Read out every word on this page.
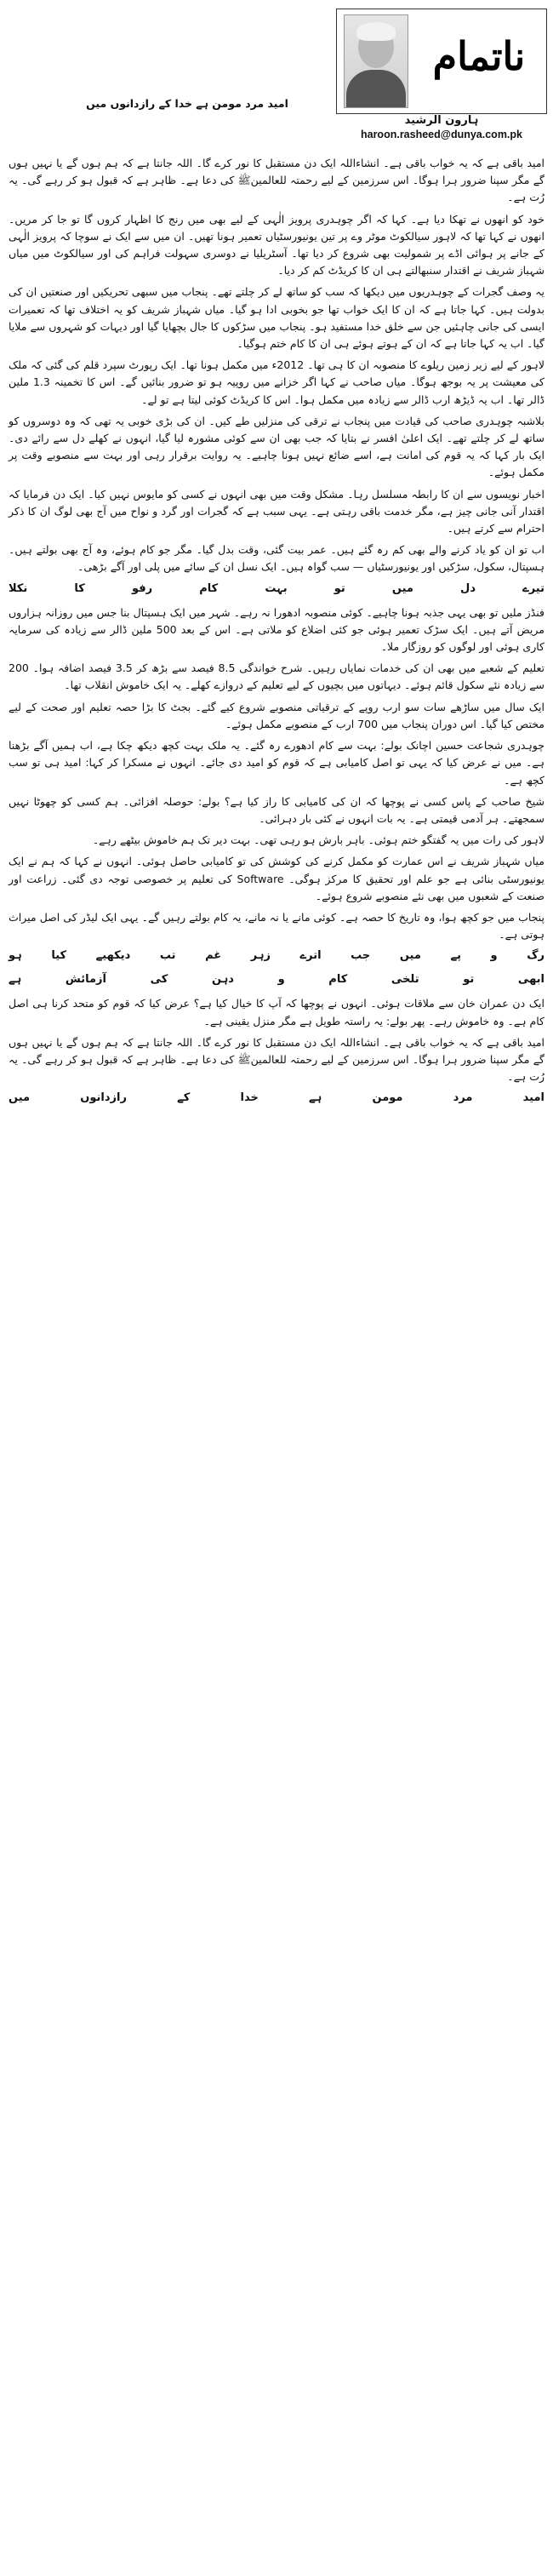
ناتمام
ہارون الرشید
haroon.rasheed@dunya.com.pk
امید مرد مومن ہے خدا کے رازدانوں میں

امید باقی ہے کہ یہ خواب باقی ہے۔ انشاءاللہ ایک دن مستقبل کا نور کرے گا۔ اللہ جانتا ہے کہ ہم ہوں گے یا نہیں ہوں گے مگر سپنا ضرور ہرا ہوگا۔ اس سرزمین کے لیے رحمتہ للعالمینﷺ کی دعا ہے۔ ظاہر ہے کہ قبول ہو کر رہے گی۔ یہ رُت ہے۔

خود کو انھوں نے تھکا دیا ہے۔ کہا کہ اگر چوہدری پرویز الٰہی کے لیے بھی میں رنج کا اظہار کروں گا تو جا کر مریں۔ انھوں نے کہا تھا کہ لاہور سیالکوٹ موٹر وے پر تین یونیورسٹیاں تعمیر ہونا تھیں۔ ان میں سے ایک نے سوچا کہ پرویز الٰہی کے جانے پر ہوائی اڈے پر شمولیت بھی شروع کر دیا تھا۔ آسٹریلیا نے دوسری سہولت فراہم کی اور سیالکوٹ میں میاں شہباز شریف نے اقتدار سنبھالتے ہی ان کا کریڈٹ کم کر دیا۔

یہ وصف گجرات کے چوہدریوں میں دیکھا کہ سب کو ساتھ لے کر چلتے تھے۔ پنجاب میں سبھی تحریکیں اور صنعتیں ان کی بدولت ہیں۔ کہا جاتا ہے کہ ان کا ایک خواب تھا جو بخوبی ادا ہو گیا۔ میاں شہباز شریف کو یہ اختلاف تھا کہ تعمیرات ایسی کی جانی چاہئیں جن سے خلق خدا مستفید ہو۔ پنجاب میں سڑکوں کا جال بچھایا گیا اور دیہات کو شہروں سے ملایا گیا۔ اب یہ کہا جاتا ہے کہ ان کے ہوتے ہوئے ہی ان کا کام ختم ہوگیا۔

لاہور کے لیے زیر زمین ریلوے کا منصوبہ ان کا ہی تھا۔ 2012ء میں مکمل ہونا تھا۔ ایک رپورٹ سپرد قلم کی گئی کہ ملک کی معیشت پر یہ بوجھ ہوگا۔ میاں صاحب نے کہا اگر خزانے میں روپیہ ہو تو ضرور بنائیں گے۔ اس کا تخمینہ 1.3 ملین ڈالر تھا۔ اب یہ ڈیڑھ ارب ڈالر سے زیادہ میں مکمل ہوا۔ اس کا کریڈٹ کوئی لیتا ہے تو لے۔

بلاشبہ چوہدری صاحب کی قیادت میں پنجاب نے ترقی کی منزلیں طے کیں۔ ان کی بڑی خوبی یہ تھی کہ وہ دوسروں کو ساتھ لے کر چلتے تھے۔ ایک اعلیٰ افسر نے بتایا کہ جب بھی ان سے کوئی مشورہ لیا گیا، انہوں نے کھلے دل سے رائے دی۔ ایک بار کہا کہ یہ قوم کی امانت ہے، اسے ضائع نہیں ہونا چاہیے۔ یہ روایت برقرار رہی اور بہت سے منصوبے وقت پر مکمل ہوئے۔

اخبار نویسوں سے ان کا رابطہ مسلسل رہا۔ مشکل وقت میں بھی انہوں نے کسی کو مایوس نہیں کیا۔ ایک دن فرمایا کہ اقتدار آنی جانی چیز ہے، مگر خدمت باقی رہتی ہے۔ یہی سبب ہے کہ گجرات اور گرد و نواح میں آج بھی لوگ ان کا ذکر احترام سے کرتے ہیں۔

اب تو ان کو یاد کرنے والے بھی کم رہ گئے ہیں۔ عمر بیت گئی، وقت بدل گیا۔ مگر جو کام ہوئے، وہ آج بھی بولتے ہیں۔ ہسپتال، سکول، سڑکیں اور یونیورسٹیاں — سب گواہ ہیں۔ ایک نسل ان کے سائے میں پلی اور آگے بڑھی۔

تیرے دل میں تو بہت کام رفو کا نکلا

فنڈز ملیں تو بھی یہی جذبہ ہونا چاہیے۔ کوئی منصوبہ ادھورا نہ رہے۔ شہر میں ایک ہسپتال بنا جس میں روزانہ ہزاروں مریض آتے ہیں۔ ایک سڑک تعمیر ہوئی جو کئی اضلاع کو ملاتی ہے۔ اس کے بعد 500 ملین ڈالر سے زیادہ کی سرمایہ کاری ہوئی اور لوگوں کو روزگار ملا۔

تعلیم کے شعبے میں بھی ان کی خدمات نمایاں رہیں۔ شرح خواندگی 8.5 فیصد سے بڑھ کر 3.5 فیصد اضافہ ہوا۔ 200 سے زیادہ نئے سکول قائم ہوئے۔ دیہاتوں میں بچیوں کے لیے تعلیم کے دروازے کھلے۔ یہ ایک خاموش انقلاب تھا۔

ایک سال میں ساڑھے سات سو ارب روپے کے ترقیاتی منصوبے شروع کیے گئے۔ بجٹ کا بڑا حصہ تعلیم اور صحت کے لیے مختص کیا گیا۔ اس دوران پنجاب میں 700 ارب کے منصوبے مکمل ہوئے۔

چوہدری شجاعت حسین اچانک بولے: بہت سے کام ادھورے رہ گئے۔ یہ ملک بہت کچھ دیکھ چکا ہے، اب ہمیں آگے بڑھنا ہے۔ میں نے عرض کیا کہ یہی تو اصل کامیابی ہے کہ قوم کو امید دی جائے۔ انہوں نے مسکرا کر کہا: امید ہی تو سب کچھ ہے۔

شیخ صاحب کے پاس کسی نے پوچھا کہ ان کی کامیابی کا راز کیا ہے؟ بولے: حوصلہ افزائی۔ ہم کسی کو چھوٹا نہیں سمجھتے۔ ہر آدمی قیمتی ہے۔ یہ بات انہوں نے کئی بار دہرائی۔

لاہور کی رات میں یہ گفتگو ختم ہوئی۔ باہر بارش ہو رہی تھی۔ بہت دیر تک ہم خاموش بیٹھے رہے۔

میاں شہباز شریف نے اس عمارت کو مکمل کرنے کی کوشش کی تو کامیابی حاصل ہوئی۔ انہوں نے کہا کہ ہم نے ایک یونیورسٹی بنائی ہے جو علم اور تحقیق کا مرکز ہوگی۔ Software کی تعلیم پر خصوصی توجہ دی گئی۔ زراعت اور صنعت کے شعبوں میں بھی نئے منصوبے شروع ہوئے۔

پنجاب میں جو کچھ ہوا، وہ تاریخ کا حصہ ہے۔ کوئی مانے یا نہ مانے، یہ کام بولتے رہیں گے۔ یہی ایک لیڈر کی اصل میراث ہوتی ہے۔

رگ و پے میں جب اترے زہر غم تب دیکھیے کیا ہو
ابھی تو تلخی کام و دہن کی آزمائش ہے

ایک دن عمران خان سے ملاقات ہوئی۔ انہوں نے پوچھا کہ آپ کا خیال کیا ہے؟ عرض کیا کہ قوم کو متحد کرنا ہی اصل کام ہے۔ وہ خاموش رہے۔ پھر بولے: یہ راستہ طویل ہے مگر منزل یقینی ہے۔

امید باقی ہے کہ یہ خواب باقی ہے۔ انشاءاللہ ایک دن مستقبل کا نور کرے گا۔ اللہ جانتا ہے کہ ہم ہوں گے یا نہیں ہوں گے مگر سپنا ضرور ہرا ہوگا۔ اس سرزمین کے لیے رحمتہ للعالمینﷺ کی دعا ہے۔ ظاہر ہے کہ قبول ہو کر رہے گی۔ یہ رُت ہے۔

امید مرد مومن ہے خدا کے رازدانوں میں
